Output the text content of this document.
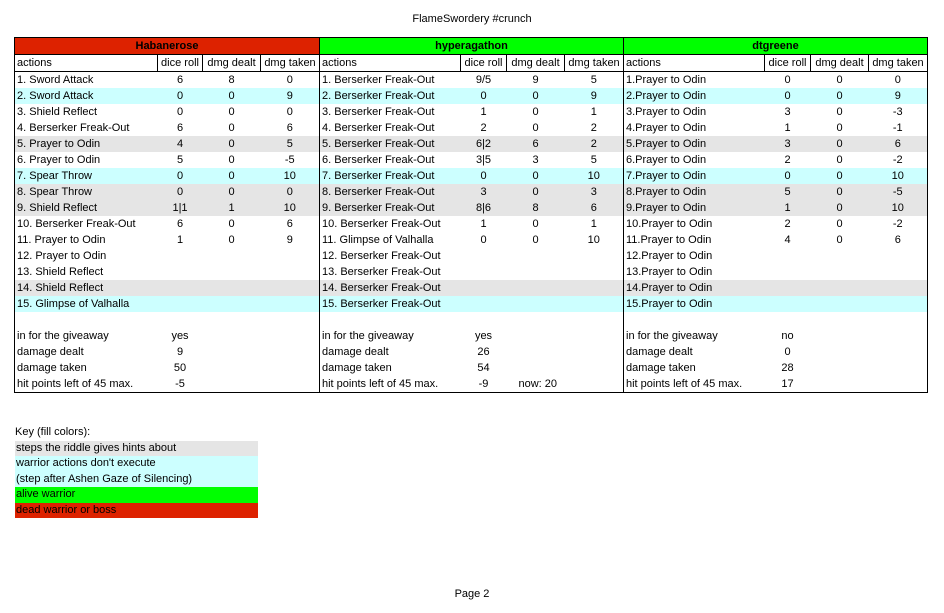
FlameSwordery #crunch
Habanerose				hyperagathon				dtgreene			
actions	dice roll	dmg dealt	dmg taken	actions	dice roll	dmg dealt	dmg taken	actions	dice roll	dmg dealt	dmg taken
1. Sword Attack	6	8	0	1. Berserker Freak-Out	9/5	9	5	1.Prayer to Odin	0	0	0
2. Sword Attack	0	0	9	2. Berserker Freak-Out	0	0	9	2.Prayer to Odin	0	0	9
3. Shield Reflect	0	0	0	3. Berserker Freak-Out	1	0	1	3.Prayer to Odin	3	0	-3
4. Berserker Freak-Out	6	0	6	4. Berserker Freak-Out	2	0	2	4.Prayer to Odin	1	0	-1
5. Prayer to Odin	4	0	5	5. Berserker Freak-Out	6|2	6	2	5.Prayer to Odin	3	0	6
6. Prayer to Odin	5	0	-5	6. Berserker Freak-Out	3|5	3	5	6.Prayer to Odin	2	0	-2
7. Spear Throw	0	0	10	7. Berserker Freak-Out	0	0	10	7.Prayer to Odin	0	0	10
8. Spear Throw	0	0	0	8. Berserker Freak-Out	3	0	3	8.Prayer to Odin	5	0	-5
9. Shield Reflect	1|1	1	10	9. Berserker Freak-Out	8|6	8	6	9.Prayer to Odin	1	0	10
10. Berserker Freak-Out	6	0	6	10. Berserker Freak-Out	1	0	1	10.Prayer to Odin	2	0	-2
11. Prayer to Odin	1	0	9	11. Glimpse of Valhalla	0	0	10	11.Prayer to Odin	4	0	6
12. Prayer to Odin				12. Berserker Freak-Out				12.Prayer to Odin			
13. Shield Reflect				13. Berserker Freak-Out				13.Prayer to Odin			
14. Shield Reflect				14. Berserker Freak-Out				14.Prayer to Odin			
15. Glimpse of Valhalla				15. Berserker Freak-Out				15.Prayer to Odin			

in for the giveaway	yes			in for the giveaway	yes			in for the giveaway	no		
damage dealt	9			damage dealt	26			damage dealt	0		
damage taken	50			damage taken	54			damage taken	28		
hit points left of 45 max.	-5			hit points left of 45 max.	-9	now: 20		hit points left of 45 max.	17		
Key (fill colors):
steps the riddle gives hints about
warrior actions don't execute
(step after Ashen Gaze of Silencing)
alive warrior
dead warrior or boss
Page 2
